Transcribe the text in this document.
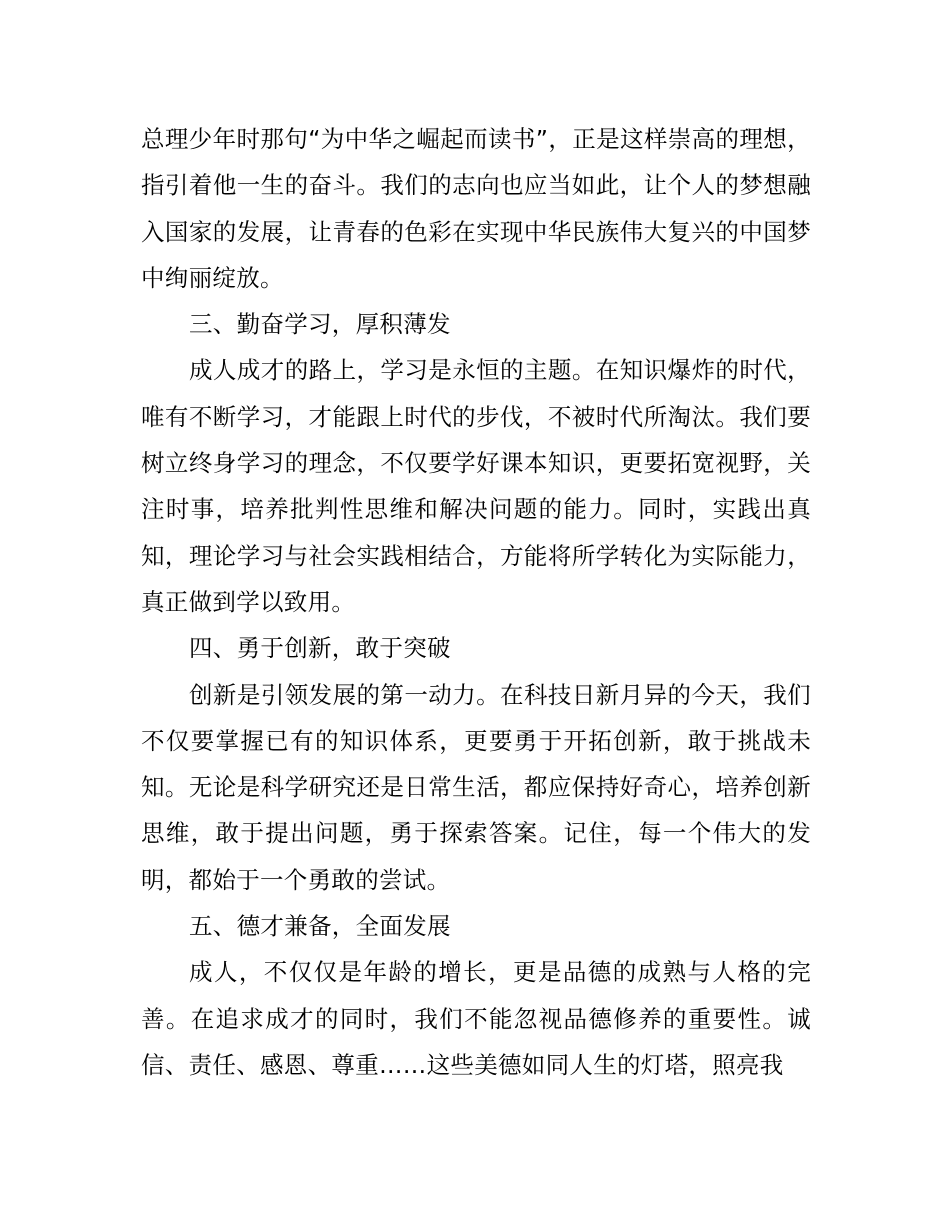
总理少年时那句“为中华之崛起而读书”，正是这样崇高的理想，指引着他一生的奋斗。我们的志向也应当如此，让个人的梦想融入国家的发展，让青春的色彩在实现中华民族伟大复兴的中国梦中绚丽绽放。

三、勤奋学习，厚积薄发

成人成才的路上，学习是永恒的主题。在知识爆炸的时代，唯有不断学习，才能跟上时代的步伐，不被时代所淘汰。我们要树立终身学习的理念，不仅要学好课本知识，更要拓宽视野，关注时事，培养批判性思维和解决问题的能力。同时，实践出真知，理论学习与社会实践相结合，方能将所学转化为实际能力，真正做到学以致用。

四、勇于创新，敢于突破

创新是引领发展的第一动力。在科技日新月异的今天，我们不仅要掌握已有的知识体系，更要勇于开拓创新，敢于挑战未知。无论是科学研究还是日常生活，都应保持好奇心，培养创新思维，敢于提出问题，勇于探索答案。记住，每一个伟大的发明，都始于一个勇敢的尝试。

五、德才兼备，全面发展

成人，不仅仅是年龄的增长，更是品德的成熟与人格的完善。在追求成才的同时，我们不能忽视品德修养的重要性。诚信、责任、感恩、尊重……这些美德如同人生的灯塔，照亮我
